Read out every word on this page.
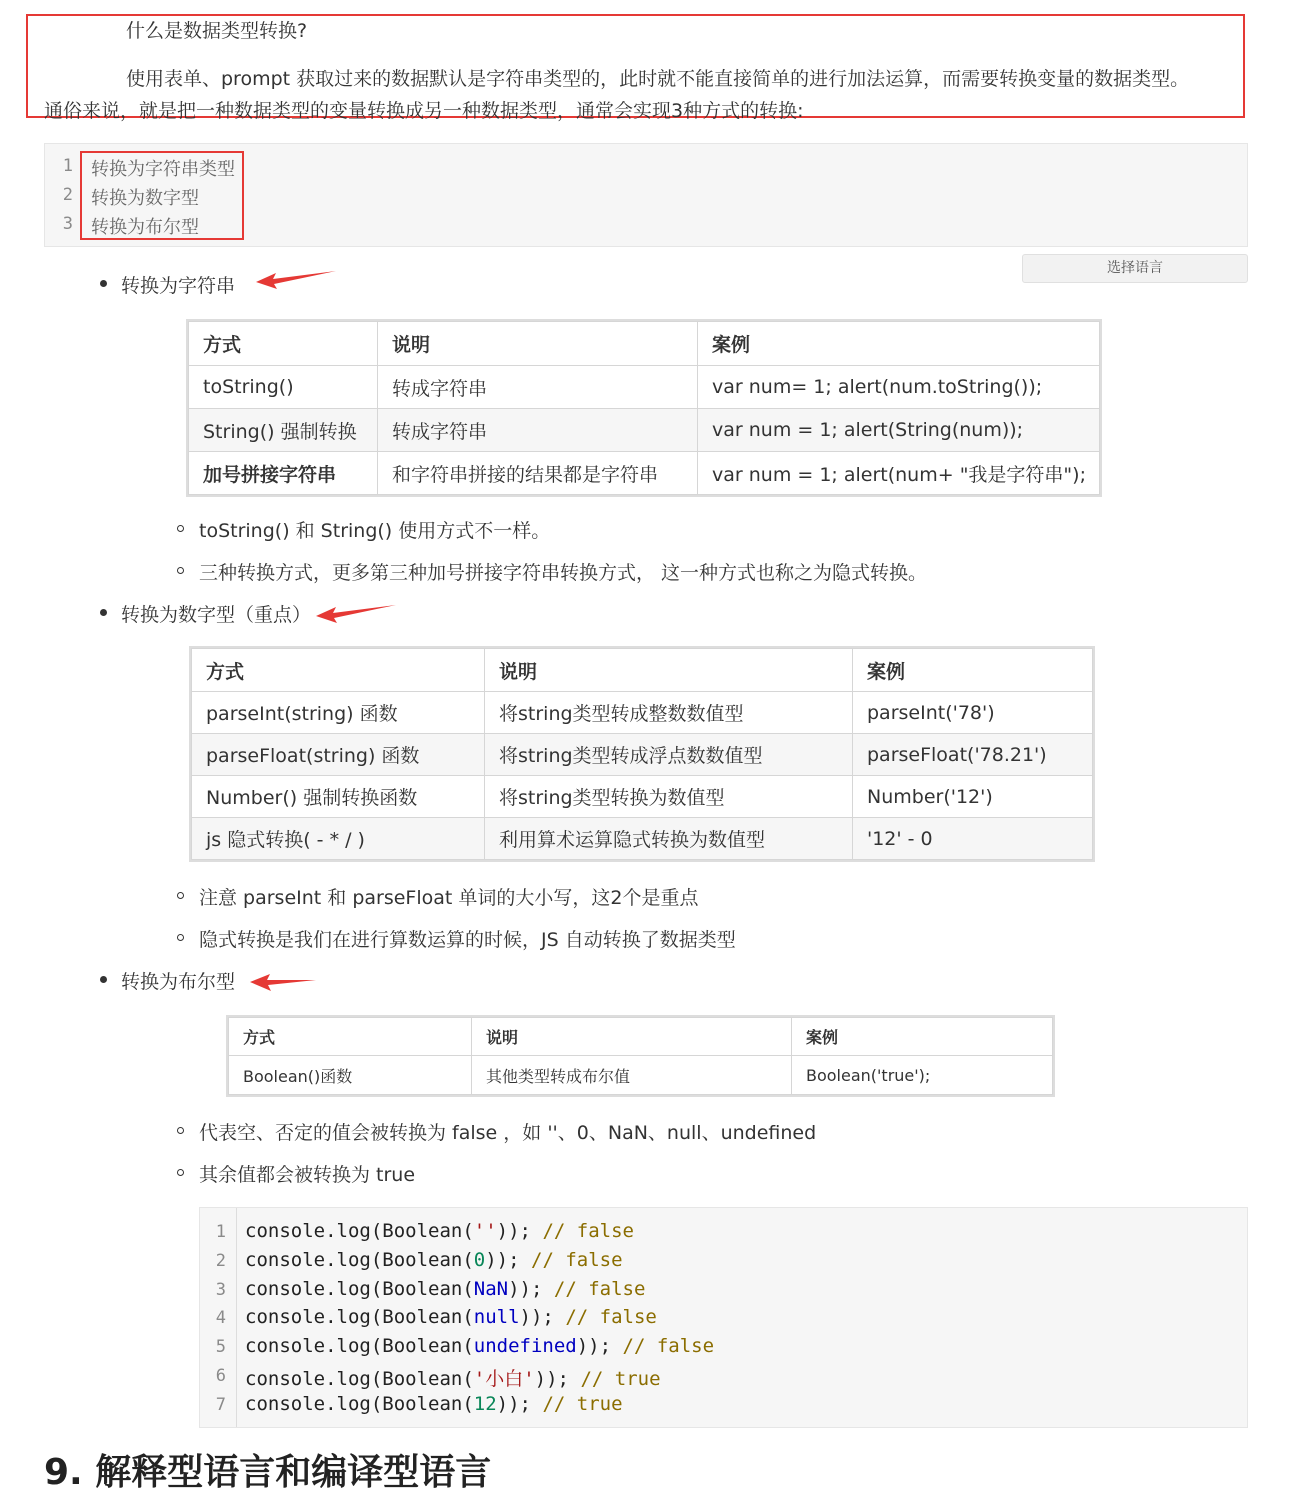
什么是数据类型转换?
使用表单、prompt 获取过来的数据默认是字符串类型的，此时就不能直接简单的进行加法运算，而需要转换变量的数据类型。
通俗来说，就是把一种数据类型的变量转换成另一种数据类型，通常会实现3种方式的转换:
1 转换为字符串类型
2 转换为数字型
3 转换为布尔型
选择语言
转换为字符串
方式	说明	案例
toString()	转成字符串	var num= 1; alert(num.toString());
String() 强制转换	转成字符串	var num = 1; alert(String(num));
加号拼接字符串	和字符串拼接的结果都是字符串	var num = 1; alert(num+ "我是字符串");
toString() 和 String() 使用方式不一样。
三种转换方式，更多第三种加号拼接字符串转换方式， 这一种方式也称之为隐式转换。
转换为数字型（重点）
方式	说明	案例
parseInt(string) 函数	将string类型转成整数数值型	parseInt('78')
parseFloat(string) 函数	将string类型转成浮点数数值型	parseFloat('78.21')
Number() 强制转换函数	将string类型转换为数值型	Number('12')
js 隐式转换( - * / )	利用算术运算隐式转换为数值型	'12' - 0
注意 parseInt 和 parseFloat 单词的大小写，这2个是重点
隐式转换是我们在进行算数运算的时候，JS 自动转换了数据类型
转换为布尔型
方式	说明	案例
Boolean()函数	其他类型转成布尔值	Boolean('true');
代表空、否定的值会被转换为 false ，如 ''、0、NaN、null、undefined
其余值都会被转换为 true
1 console.log(Boolean('')); // false
2 console.log(Boolean(0)); // false
3 console.log(Boolean(NaN)); // false
4 console.log(Boolean(null)); // false
5 console.log(Boolean(undefined)); // false
6 console.log(Boolean('小白')); // true
7 console.log(Boolean(12)); // true
9. 解释型语言和编译型语言
